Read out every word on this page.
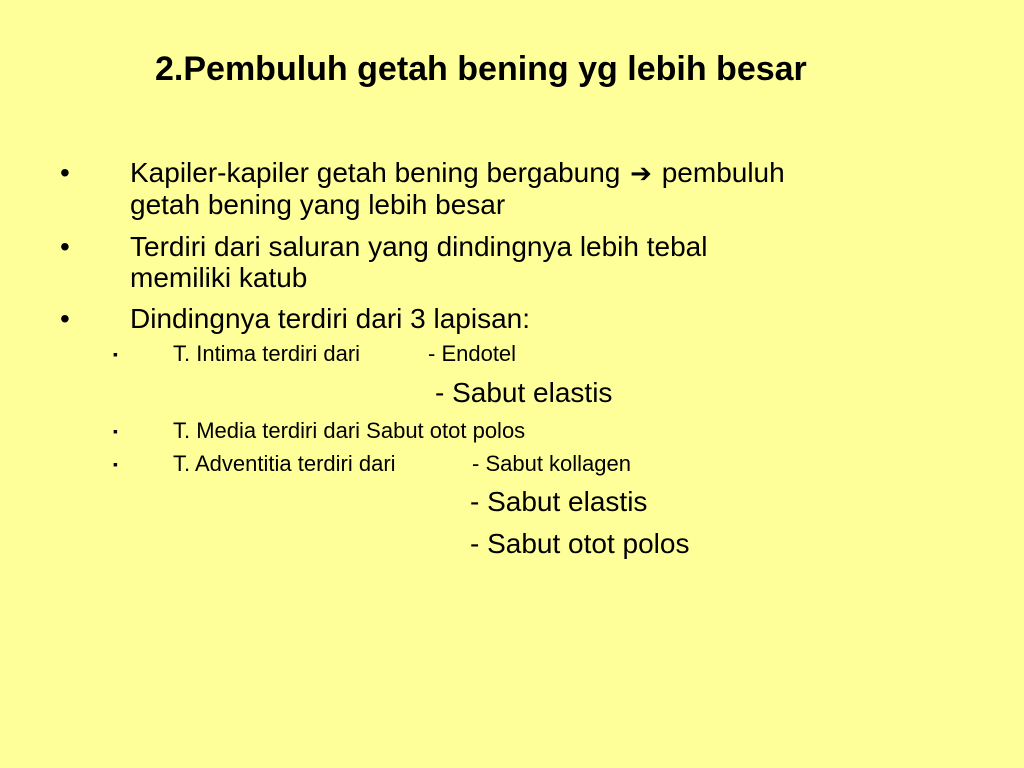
2.Pembuluh getah bening yg lebih besar
• Kapiler-kapiler getah bening bergabung ➔ pembuluh
getah bening yang lebih besar
• Terdiri dari saluran yang dindingnya lebih tebal
memiliki katub
• Dindingnya terdiri dari 3 lapisan:
▪	T. Intima terdiri dari	- Endotel
- Sabut elastis
▪	T. Media terdiri dari Sabut otot polos
▪	T. Adventitia terdiri dari	- Sabut kollagen
- Sabut elastis
- Sabut otot polos
